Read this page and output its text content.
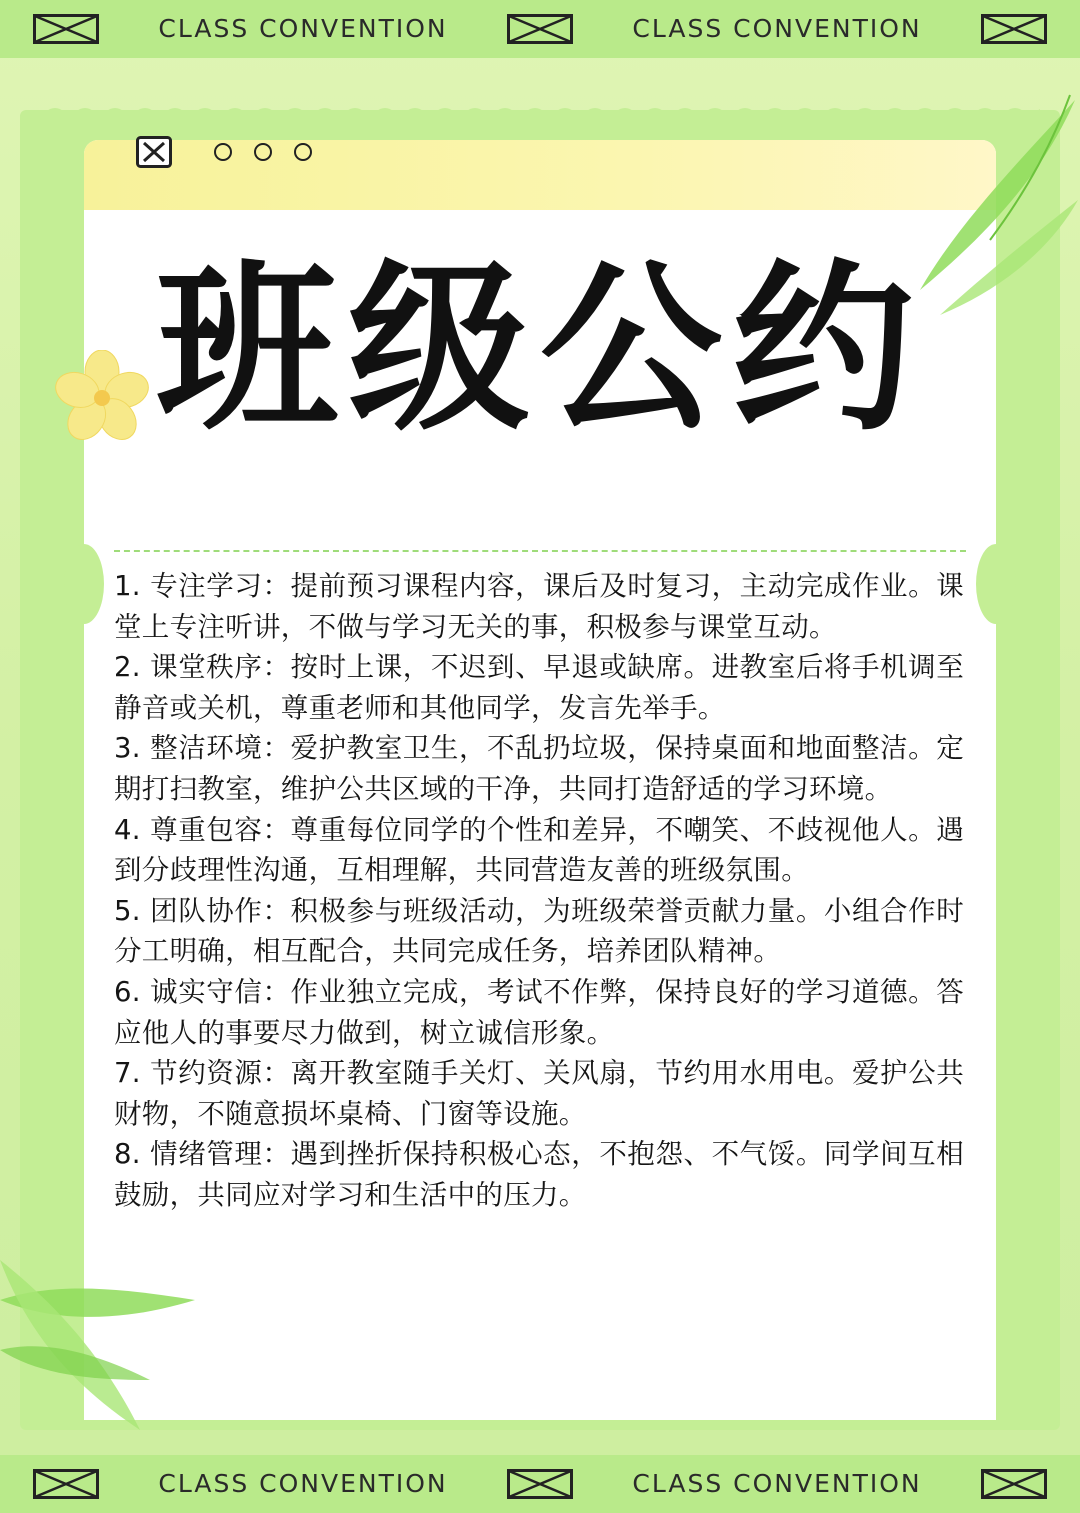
CLASS CONVENTION	CLASS CONVENTION
班级公约

1. 专注学习：提前预习课程内容，课后及时复习，主动完成作业。课堂上专注听讲，不做与学习无关的事，积极参与课堂互动。

2. 课堂秩序：按时上课，不迟到、早退或缺席。进教室后将手机调至静音或关机，尊重老师和其他同学，发言先举手。

3. 整洁环境：爱护教室卫生，不乱扔垃圾，保持桌面和地面整洁。定期打扫教室，维护公共区域的干净，共同打造舒适的学习环境。

4. 尊重包容：尊重每位同学的个性和差异，不嘲笑、不歧视他人。遇到分歧理性沟通，互相理解，共同营造友善的班级氛围。

5. 团队协作：积极参与班级活动，为班级荣誉贡献力量。小组合作时分工明确，相互配合，共同完成任务，培养团队精神。

6. 诚实守信：作业独立完成，考试不作弊，保持良好的学习道德。答应他人的事要尽力做到，树立诚信形象。

7. 节约资源：离开教室随手关灯、关风扇，节约用水用电。爱护公共财物，不随意损坏桌椅、门窗等设施。

8. 情绪管理：遇到挫折保持积极心态，不抱怨、不气馁。同学间互相鼓励，共同应对学习和生活中的压力。

CLASS CONVENTION	CLASS CONVENTION
